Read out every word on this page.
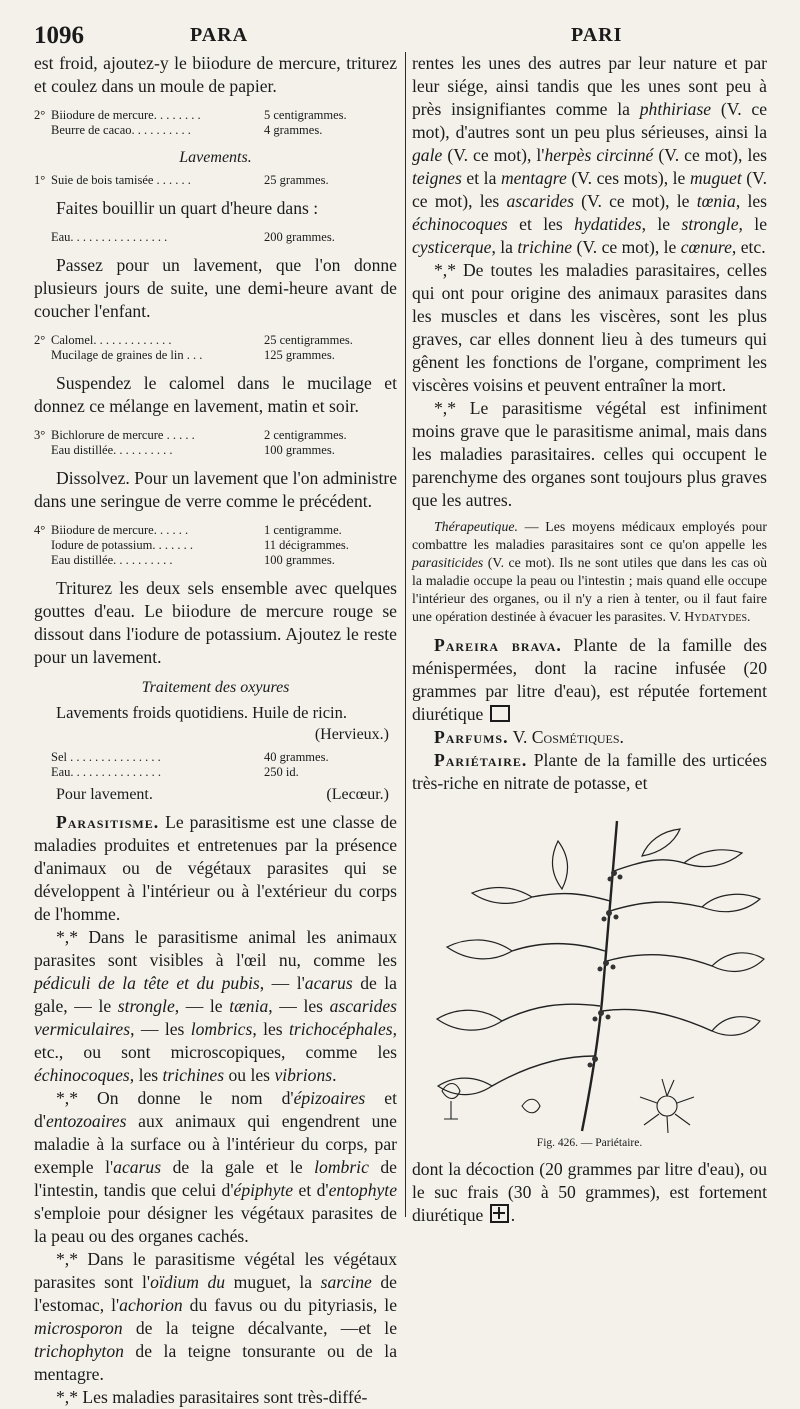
1096	PARA	PARI

est froid, ajoutez-y le biiodure de mercure, triturez et coulez dans un moule de papier.

2° Biiodure de mercure. . . . . . . .	5 centigrammes.
Beurre de cacao. . . . . . . . . .	4 grammes.
Lavements.
1° Suie de bois tamisée . . . . . .	25 grammes.

Faites bouillir un quart d'heure dans :

Eau. . . . . . . . . . . . . . . .	200 grammes.

Passez pour un lavement, que l'on donne plusieurs jours de suite, une demi-heure avant de coucher l'enfant.

2° Calomel. . . . . . . . . . . . .	25 centigrammes.
Mucilage de graines de lin . . .	125 grammes.

Suspendez le calomel dans le mucilage et donnez ce mélange en lavement, matin et soir.

3° Bichlorure de mercure . . . . .	2 centigrammes.
Eau distillée. . . . . . . . . .	100 grammes.

Dissolvez. Pour un lavement que l'on administre dans une seringue de verre comme le précédent.

4° Biiodure de mercure. . . . . .	1 centigramme.
Iodure de potassium. . . . . . .	11 décigrammes.
Eau distillée. . . . . . . . . .	100 grammes.

Triturez les deux sels ensemble avec quelques gouttes d'eau. Le biiodure de mercure rouge se dissout dans l'iodure de potassium. Ajoutez le reste pour un lavement.

Traitement des oxyures

Lavements froids quotidiens. Huile de ricin.

(Hervieux.)
Sel . . . . . . . . . . . . . . .	40 grammes.
Eau. . . . . . . . . . . . . . .	250 id.
Pour lavement.	(Lecœur.)

Parasitisme. Le parasitisme est une classe de maladies produites et entretenues par la présence d'animaux ou de végétaux parasites qui se développent à l'intérieur ou à l'extérieur du corps de l'homme.

*,* Dans le parasitisme animal les animaux parasites sont visibles à l'œil nu, comme les pédiculi de la tête et du pubis, — l'acarus de la gale, — le strongle, — le tænia, — les ascarides vermiculaires, — les lombrics, les trichocéphales, etc., ou sont microscopiques, comme les échinocoques, les trichines ou les vibrions.

*,* On donne le nom d'épizoaires et d'entozoaires aux animaux qui engendrent une maladie à la surface ou à l'intérieur du corps, par exemple l'acarus de la gale et le lombric de l'intestin, tandis que celui d'épiphyte et d'entophyte s'emploie pour désigner les végétaux parasites de la peau ou des organes cachés.

*,* Dans le parasitisme végétal les végétaux parasites sont l'oïdium du muguet, la sarcine de l'estomac, l'achorion du favus ou du pityriasis, le microsporon de la teigne décalvante, —et le trichophyton de la teigne tonsurante ou de la mentagre.

*,* Les maladies parasitaires sont très-diffé-

rentes les unes des autres par leur nature et par leur siége, ainsi tandis que les unes sont peu à près insignifiantes comme la phthiriase (V. ce mot), d'autres sont un peu plus sérieuses, ainsi la gale (V. ce mot), l'herpès circinné (V. ce mot), les teignes et la mentagre (V. ces mots), le muguet (V. ce mot), les ascarides (V. ce mot), le tœnia, les échinocoques et les hydatides, le strongle, le cysticerque, la trichine (V. ce mot), le cœnure, etc.

*,* De toutes les maladies parasitaires, celles qui ont pour origine des animaux parasites dans les muscles et dans les viscères, sont les plus graves, car elles donnent lieu à des tumeurs qui gênent les fonctions de l'organe, compriment les viscères voisins et peuvent entraîner la mort.

*,* Le parasitisme végétal est infiniment moins grave que le parasitisme animal, mais dans les maladies parasitaires. celles qui occupent le parenchyme des organes sont toujours plus graves que les autres.

Thérapeutique. — Les moyens médicaux employés pour combattre les maladies parasitaires sont ce qu'on appelle les parasiticides (V. ce mot). Ils ne sont utiles que dans les cas où la maladie occupe la peau ou l'intestin ; mais quand elle occupe l'intérieur des organes, ou il n'y a rien à tenter, ou il faut faire une opération destinée à évacuer les parasites. V. Hydatydes.

Pareira brava. Plante de la famille des ménispermées, dont la racine infusée (20 grammes par litre d'eau), est réputée fortement diurétique

Parfums. V. Cosmétiques.

Pariétaire. Plante de la famille des urticées très-riche en nitrate de potasse, et

Fig. 426. — Pariétaire.

dont la décoction (20 grammes par litre d'eau), ou le suc frais (30 à 50 grammes), est fortement diurétique .
